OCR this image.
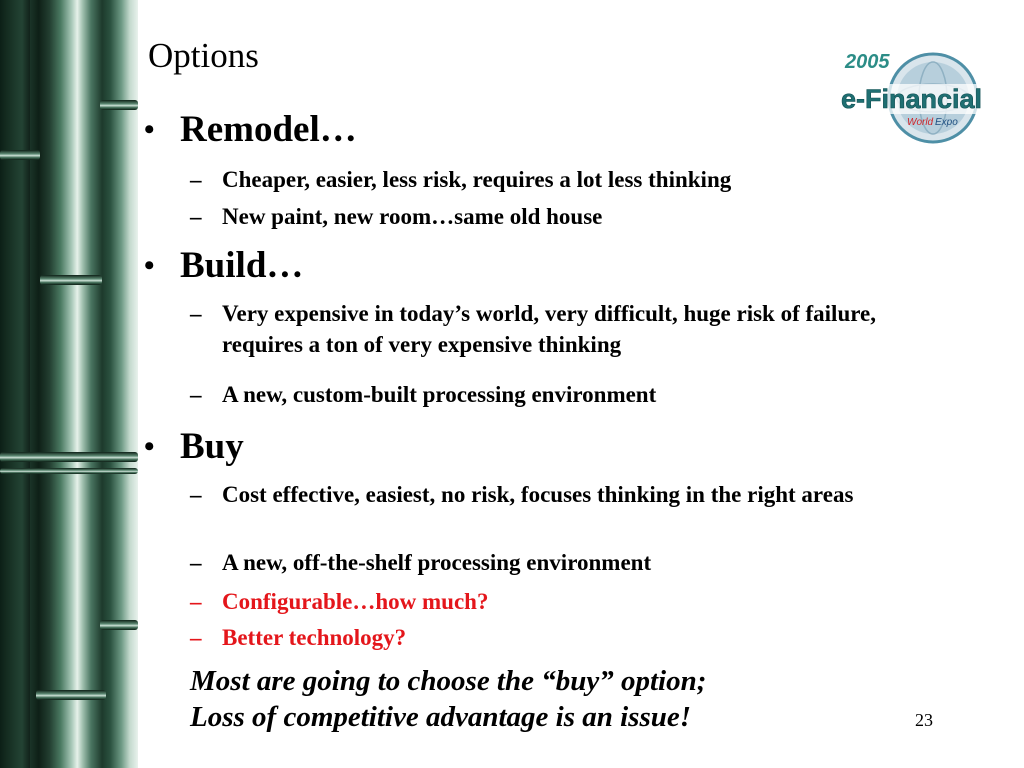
Options	2005
e-Financial
World Expo
• Remodel…
– Cheaper, easier, less risk, requires a lot less thinking
– New paint, new room…same old house
• Build…
– Very expensive in today’s world, very difficult, huge risk of failure, requires a ton of very expensive thinking
– A new, custom-built processing environment
• Buy
– Cost effective, easiest, no risk, focuses thinking in the right areas
– A new, off-the-shelf processing environment
– Configurable…how much?
– Better technology?
Most are going to choose the “buy” option;
Loss of competitive advantage is an issue!	23
